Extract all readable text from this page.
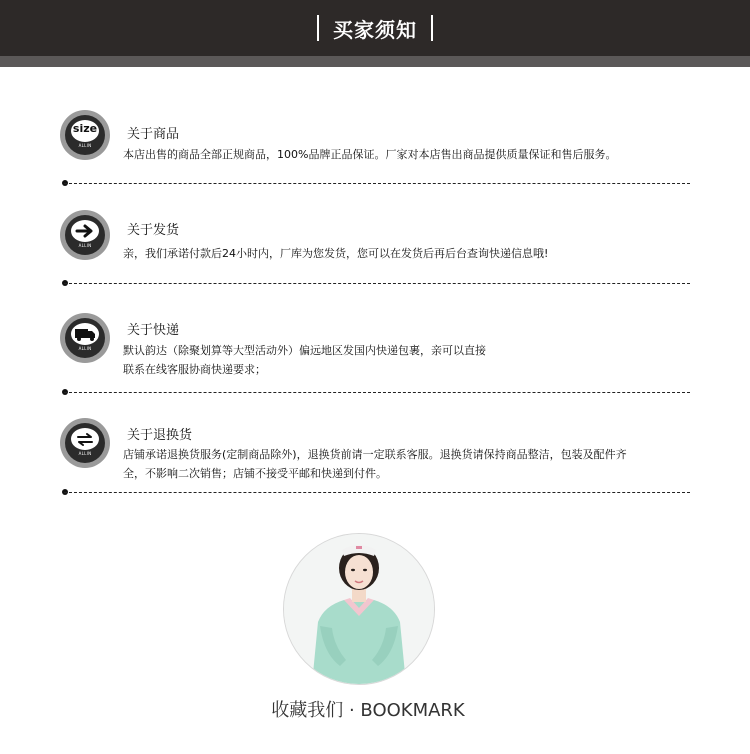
买家须知
size
ALLIN
关于商品
本店出售的商品全部正规商品，100%品牌正品保证。厂家对本店售出商品提供质量保证和售后服务。
ALLIN
关于发货
亲，我们承诺付款后24小时内，厂库为您发货，您可以在发货后再后台查询快递信息哦!
ALLIN
关于快递
默认韵达（除聚划算等大型活动外）偏远地区发国内快递包裹，亲可以直接
联系在线客服协商快递要求；
ALLIN
关于退换货
店铺承诺退换货服务(定制商品除外)，退换货前请一定联系客服。退换货请保持商品整洁，包装及配件齐
全，不影响二次销售；店铺不接受平邮和快递到付件。
收藏我们 · BOOKMARK
